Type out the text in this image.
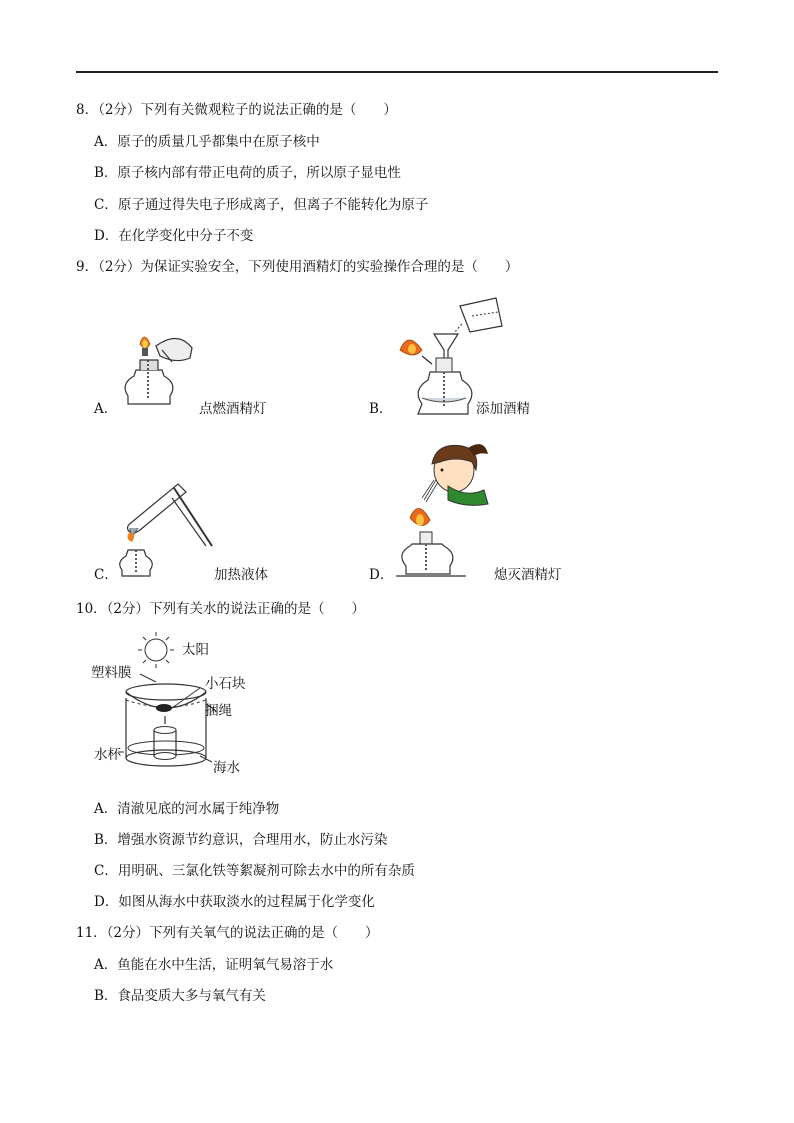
8．（2分）下列有关微观粒子的说法正确的是（　　）
A．原子的质量几乎都集中在原子核中
B．原子核内部有带正电荷的质子，所以原子显电性
C．原子通过得失电子形成离子，但离子不能转化为原子
D．在化学变化中分子不变
9．（2分）为保证实验安全，下列使用酒精灯的实验操作合理的是（　　）
A．	点燃酒精灯	B．	添加酒精
C．	加热液体	D．	熄灭酒精灯
10．（2分）下列有关水的说法正确的是（　　）
太阳
塑料膜
小石块
捆绳
水杯
海水
A．清澈见底的河水属于纯净物
B．增强水资源节约意识，合理用水，防止水污染
C．用明矾、三氯化铁等絮凝剂可除去水中的所有杂质
D．如图从海水中获取淡水的过程属于化学变化
11．（2分）下列有关氧气的说法正确的是（　　）
A．鱼能在水中生活，证明氧气易溶于水
B．食品变质大多与氧气有关
